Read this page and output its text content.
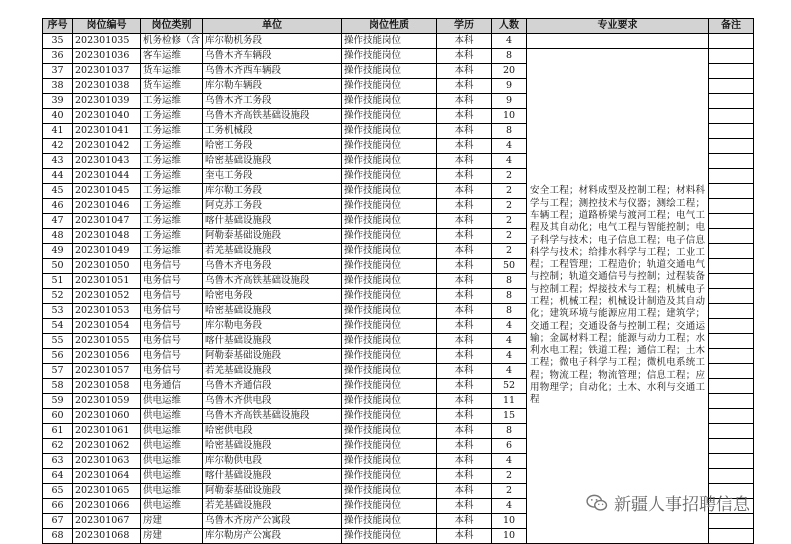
序号	岗位编号	岗位类别	单位	岗位性质	学历	人数	专业要求	备注
35	202301035	机务检修（含	库尔勒机务段	操作技能岗位	本科	4		
36	202301036	客车运维	乌鲁木齐车辆段	操作技能岗位	本科	8	安全工程；材料成型及控制工程；材料科学与工程；测控技术与仪器；测绘工程；车辆工程；道路桥梁与渡河工程；电气工程及其自动化；电气工程与智能控制；电子科学与技术；电子信息工程；电子信息科学与技术；给排水科学与工程；工业工程；工程管理；工程造价；轨道交通电气与控制；轨道交通信号与控制；过程装备与控制工程；焊接技术与工程；机械电子工程；机械工程；机械设计制造及其自动化；建筑环境与能源应用工程；建筑学；交通工程；交通设备与控制工程；交通运输；金属材料工程；能源与动力工程；水利水电工程；铁道工程；通信工程；土木工程；微电子科学与工程；微机电系统工程；物流工程；物流管理；信息工程；应用物理学；自动化；土木、水利与交通工程	
37	202301037	货车运维	乌鲁木齐西车辆段	操作技能岗位	本科	20		
38	202301038	货车运维	库尔勒车辆段	操作技能岗位	本科	9		
39	202301039	工务运维	乌鲁木齐工务段	操作技能岗位	本科	9		
40	202301040	工务运维	乌鲁木齐高铁基础设施段	操作技能岗位	本科	10		
41	202301041	工务运维	工务机械段	操作技能岗位	本科	8		
42	202301042	工务运维	哈密工务段	操作技能岗位	本科	4		
43	202301043	工务运维	哈密基础设施段	操作技能岗位	本科	4		
44	202301044	工务运维	奎屯工务段	操作技能岗位	本科	2		
45	202301045	工务运维	库尔勒工务段	操作技能岗位	本科	2		
46	202301046	工务运维	阿克苏工务段	操作技能岗位	本科	2		
47	202301047	工务运维	喀什基础设施段	操作技能岗位	本科	2		
48	202301048	工务运维	阿勒泰基础设施段	操作技能岗位	本科	2		
49	202301049	工务运维	若羌基础设施段	操作技能岗位	本科	2		
50	202301050	电务信号	乌鲁木齐电务段	操作技能岗位	本科	50		
51	202301051	电务信号	乌鲁木齐高铁基础设施段	操作技能岗位	本科	8		
52	202301052	电务信号	哈密电务段	操作技能岗位	本科	8		
53	202301053	电务信号	哈密基础设施段	操作技能岗位	本科	8		
54	202301054	电务信号	库尔勒电务段	操作技能岗位	本科	4		
55	202301055	电务信号	喀什基础设施段	操作技能岗位	本科	4		
56	202301056	电务信号	阿勒泰基础设施段	操作技能岗位	本科	4		
57	202301057	电务信号	若羌基础设施段	操作技能岗位	本科	4		
58	202301058	电务通信	乌鲁木齐通信段	操作技能岗位	本科	52		
59	202301059	供电运维	乌鲁木齐供电段	操作技能岗位	本科	11		
60	202301060	供电运维	乌鲁木齐高铁基础设施段	操作技能岗位	本科	15		
61	202301061	供电运维	哈密供电段	操作技能岗位	本科	8		
62	202301062	供电运维	哈密基础设施段	操作技能岗位	本科	6		
63	202301063	供电运维	库尔勒供电段	操作技能岗位	本科	4		
64	202301064	供电运维	喀什基础设施段	操作技能岗位	本科	2		
65	202301065	供电运维	阿勒泰基础设施段	操作技能岗位	本科	2		
66	202301066	供电运维	若羌基础设施段	操作技能岗位	本科	4		
67	202301067	房建	乌鲁木齐房产公寓段	操作技能岗位	本科	10		
68	202301068	房建	库尔勒房产公寓段	操作技能岗位	本科	10		
新疆人事招聘信息
